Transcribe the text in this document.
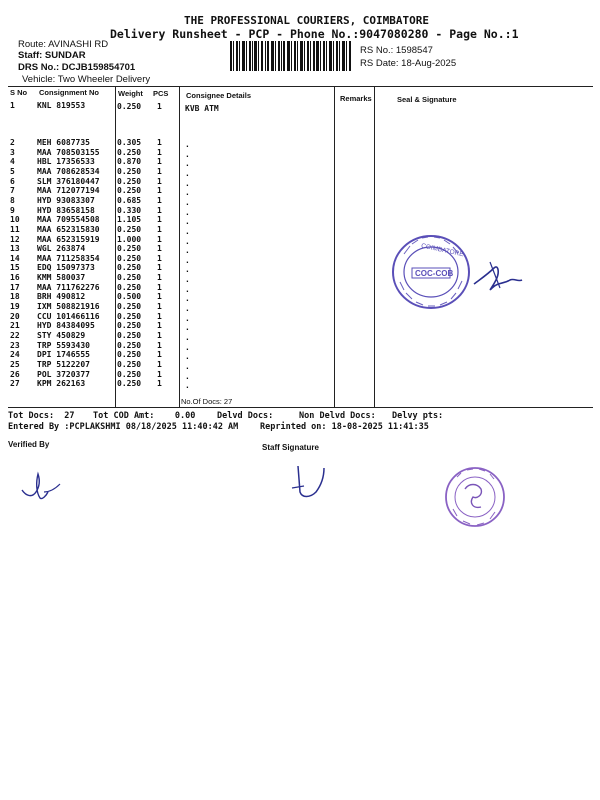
THE PROFESSIONAL COURIERS, COIMBATORE
Delivery Runsheet - PCP - Phone No.:9047080280 - Page No.:1
Route: AVINASHI RD
Staff: SUNDAR
DRS No.: DCJB159854701
Vehicle: Two Wheeler Delivery
RS No.: 1598547
RS Date: 18-Aug-2025
S No Consignment No	Weight PCS Consignee Details	Remarks	Seal & Signature
1	KNL 819553	0.250 1	KVB ATM
2	MEH 6087735	0.305 1	.
3	MAA 708503155 0.250 1	.
4	HBL 17356533	0.870 1	.
5	MAA 708628534 0.250 1	.
6	SLM 376180447 0.250 1	.
7	MAA 712077194 0.250 1	.
8	HYD 93083307	0.685 1	.
9	HYD 83658158	0.330 1	.
10 MAA 709554508 1.105 1	.
11 MAA 652315830 0.250 1	.
12 MAA 652315919 1.000 1	.
13 WGL 263874	0.250 1	.
14 MAA 711258354 0.250 1	.
15 EDQ 15097373	0.250 1	.
16 KMM 580037	0.250 1	.
17 MAA 711762276 0.250 1	.
18 BRH 490812	0.500 1	.
19 IXM 508821916 0.250 1	.
20 CCU 101466116 0.250 1	.
21 HYD 84384095	0.250 1	.
22 STY 450829	0.250 1	.
23 TRP 5593430	0.250 1	.
24 DPI 1746555	0.250 1	.
25 TRP 5122207	0.250 1	.
26 POL 3720377	0.250 1	.
27 KPM 262163	0.250 1	.
No.Of Docs: 27
COC-COB
COIMBATORE
Tot Docs:  27 Tot COD Amt:    0.00	Delvd Docs:	Non Delvd Docs: Delvy pts:
Entered By :PCPLAKSHMI 08/18/2025 11:40:42 AM	Reprinted on: 18-08-2025 11:41:35
Verified By	Staff Signature
